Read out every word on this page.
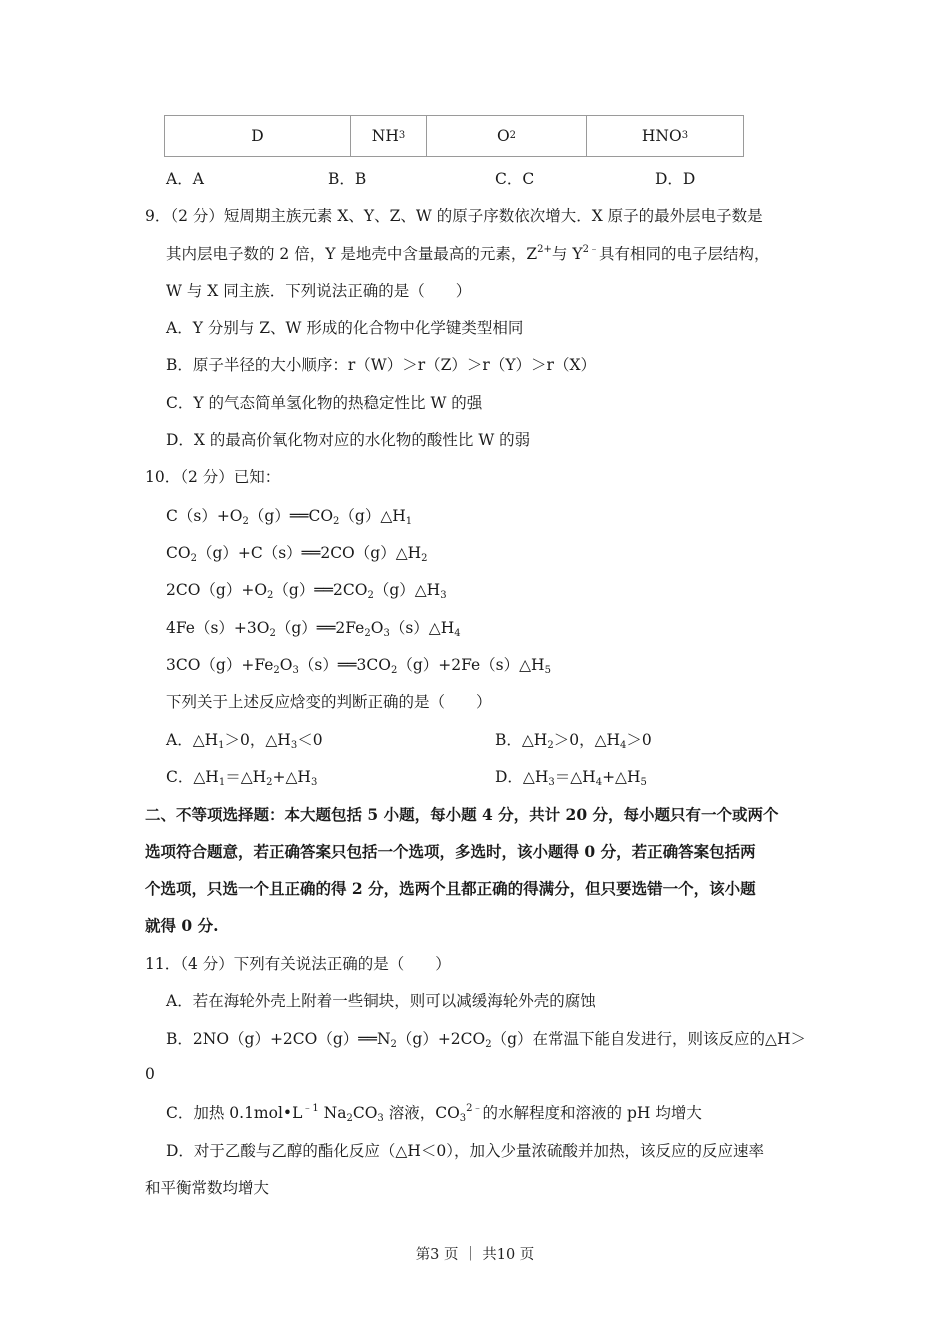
D	NH 3	O 2	HNO 3
A．A	B．B	C．C	D．D
9．（2 分）短周期主族元素 X、Y、Z、W 的原子序数依次增大．X 原子的最外层电子数是
其内层电子数的 2 倍，Y 是地壳中含量最高的元素，$Z^{2+}$与 $Y^{2﹣}$具有相同的电子层结构，
W 与 X 同主族．下列说法正确的是（　　）
A．Y 分别与 Z、W 形成的化合物中化学键类型相同
B．原子半径的大小顺序：r（W）＞r（Z）＞r（Y）＞r（X）
C．Y 的气态简单氢化物的热稳定性比 W 的强
D．X 的最高价氧化物对应的水化物的酸性比 W 的弱
10．（2 分）已知：
$C(s)+O_2(g)══CO_2(g)\triangle H_1$
$CO_2(g)+C(s)══2CO(g)\triangle H_2$
$2CO(g)+O_2(g)══2CO_2(g)\triangle H_3$
$4Fe(s)+3O_2(g)══2Fe_2O_3(s)\triangle H_4$
$3CO(g)+Fe_2O_3(s)══3CO_2(g)+2Fe(s)\triangle H_5$
下列关于上述反应焓变的判断正确的是（　　）
A．$\triangle H_1>0$，$\triangle H_3<0$	B．$\triangle H_2>0$，$\triangle H_4>0$
C．$\triangle H_1=\triangle H_2+\triangle H_3$	D．$\triangle H_3=\triangle H_4+\triangle H_5$
二、不等项选择题：本大题包括 5 小题，每小题 4 分，共计 20 分，每小题只有一个或两个
选项符合题意，若正确答案只包括一个选项，多选时，该小题得 0 分，若正确答案包括两
个选项，只选一个且正确的得 2 分，选两个且都正确的得满分，但只要选错一个，该小题
就得 0 分.
11．（4 分）下列有关说法正确的是（　　）
A．若在海轮外壳上附着一些铜块，则可以减缓海轮外壳的腐蚀
B．$2NO(g)+2CO(g)══N_2(g)+2CO_2(g)$在常温下能自发进行，则该反应的△H＞
0
C．加热 $0.1mol•L^{﹣1}$ $Na_2CO_3$ 溶液，$CO_3^{2﹣}$的水解程度和溶液的 pH 均增大
D．对于乙酸与乙醇的酯化反应（△H＜0），加入少量浓硫酸并加热，该反应的反应速率
和平衡常数均增大
第3 页 ｜ 共10 页
